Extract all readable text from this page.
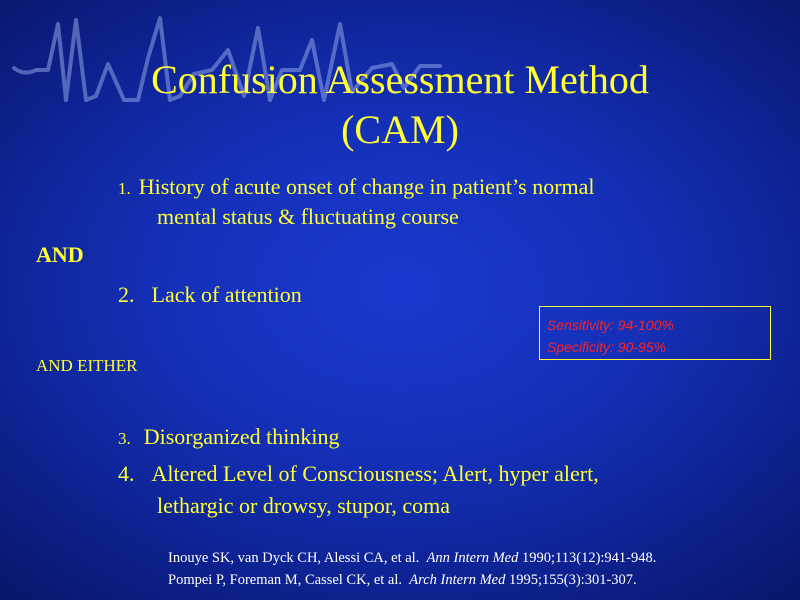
Confusion Assessment Method
(CAM)

1. History of acute onset of change in patient’s normal

mental status & fluctuating course

AND

2. Lack of attention

Sensitivity: 94-100%
Specificity: 90-95%

AND EITHER

3. Disorganized thinking

4. Altered Level of Consciousness; Alert, hyper alert,

lethargic or drowsy, stupor, coma

Inouye SK, van Dyck CH, Alessi CA, et al. Ann Intern Med 1990;113(12):941-948.
Pompei P, Foreman M, Cassel CK, et al. Arch Intern Med 1995;155(3):301-307.
